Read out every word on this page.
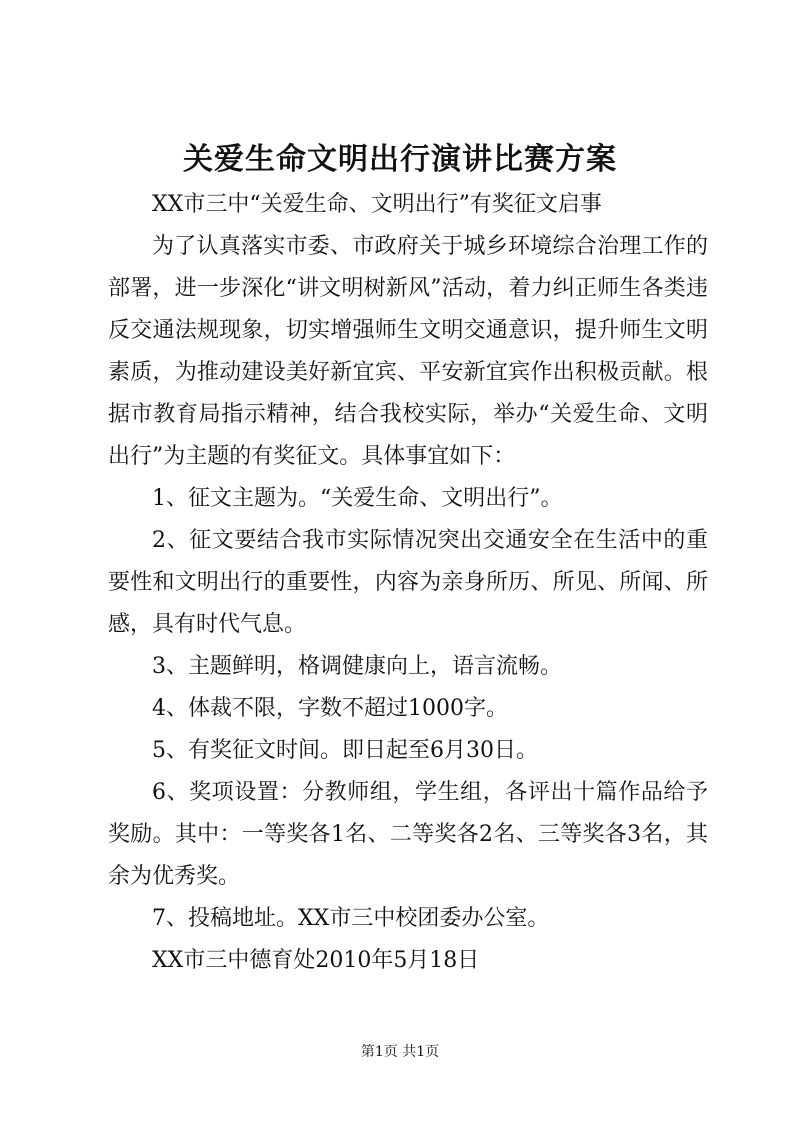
关爱生命文明出行演讲比赛方案

XX市三中“关爱生命、文明出行”有奖征文启事

为了认真落实市委、市政府关于城乡环境综合治理工作的部署，进一步深化“讲文明树新风”活动，着力纠正师生各类违反交通法规现象，切实增强师生文明交通意识，提升师生文明素质，为推动建设美好新宜宾、平安新宜宾作出积极贡献。根据市教育局指示精神，结合我校实际，举办“关爱生命、文明出行”为主题的有奖征文。具体事宜如下：

1、征文主题为。“关爱生命、文明出行”。

2、征文要结合我市实际情况突出交通安全在生活中的重要性和文明出行的重要性，内容为亲身所历、所见、所闻、所感，具有时代气息。

3、主题鲜明，格调健康向上，语言流畅。

4、体裁不限，字数不超过1000字。

5、有奖征文时间。即日起至6月30日。

6、奖项设置：分教师组，学生组，各评出十篇作品给予奖励。其中：一等奖各1名、二等奖各2名、三等奖各3名，其余为优秀奖。

7、投稿地址。XX市三中校团委办公室。

XX市三中德育处2010年5月18日

第1页 共1页
